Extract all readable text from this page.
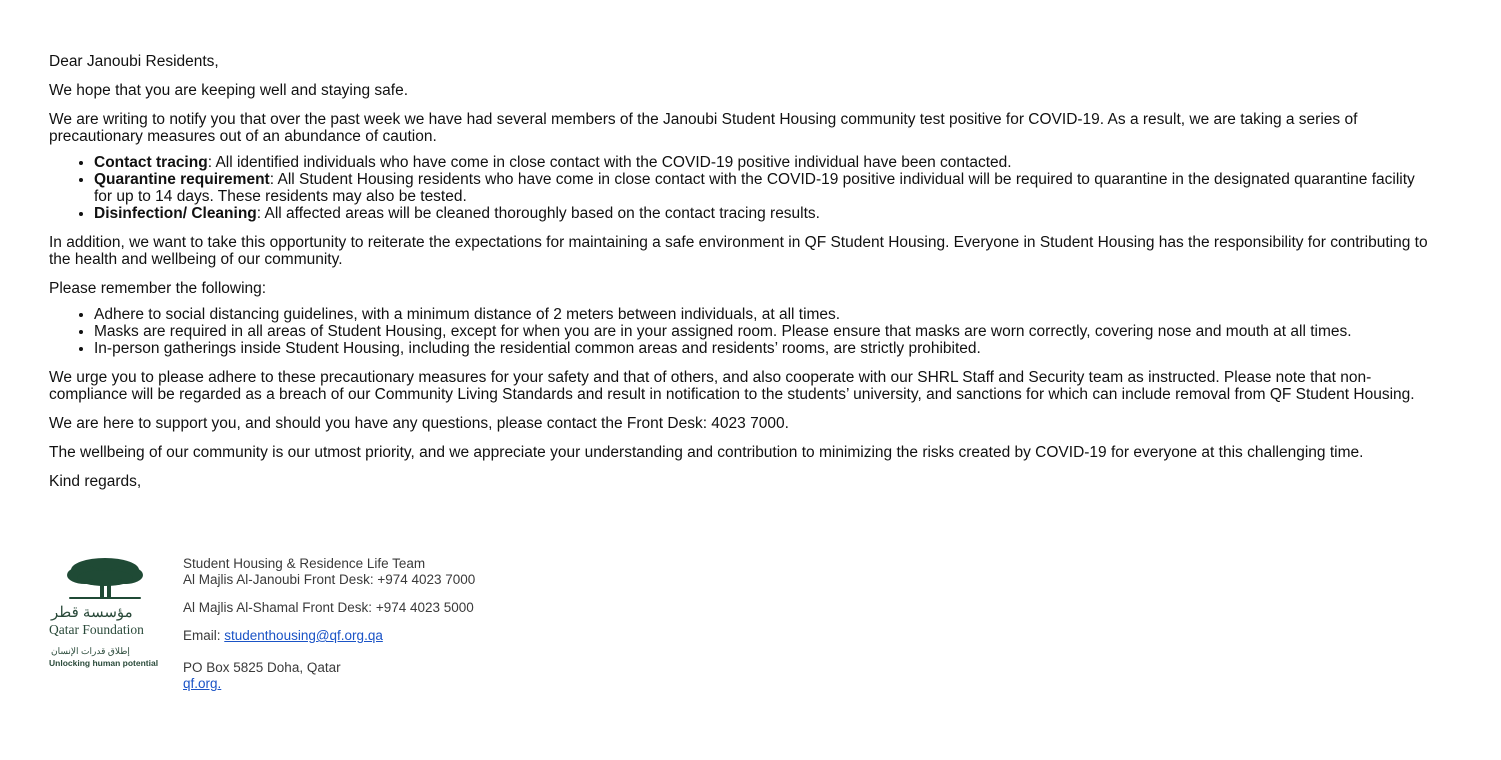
Dear Janoubi Residents,

We hope that you are keeping well and staying safe.

We are writing to notify you that over the past week we have had several members of the Janoubi Student Housing community test positive for COVID-19. As a result, we are taking a series of precautionary measures out of an abundance of caution.

• Contact tracing: All identified individuals who have come in close contact with the COVID-19 positive individual have been contacted.
• Quarantine requirement: All Student Housing residents who have come in close contact with the COVID-19 positive individual will be required to quarantine in the designated quarantine facility for up to 14 days. These residents may also be tested.
• Disinfection/ Cleaning: All affected areas will be cleaned thoroughly based on the contact tracing results.

In addition, we want to take this opportunity to reiterate the expectations for maintaining a safe environment in QF Student Housing. Everyone in Student Housing has the responsibility for contributing to the health and wellbeing of our community.

Please remember the following:

• Adhere to social distancing guidelines, with a minimum distance of 2 meters between individuals, at all times.
• Masks are required in all areas of Student Housing, except for when you are in your assigned room. Please ensure that masks are worn correctly, covering nose and mouth at all times.
• In-person gatherings inside Student Housing, including the residential common areas and residents’ rooms, are strictly prohibited.

We urge you to please adhere to these precautionary measures for your safety and that of others, and also cooperate with our SHRL Staff and Security team as instructed. Please note that non-compliance will be regarded as a breach of our Community Living Standards and result in notification to the students’ university, and sanctions for which can include removal from QF Student Housing.

We are here to support you, and should you have any questions, please contact the Front Desk: 4023 7000.

The wellbeing of our community is our utmost priority, and we appreciate your understanding and contribution to minimizing the risks created by COVID-19 for everyone at this challenging time.

Kind regards,

مؤسسة قطر
Qatar Foundation
إطلاق قدرات الإنسان
Unlocking human potential
Student Housing & Residence Life Team
Al Majlis Al-Janoubi Front Desk: +974 4023 7000
Al Majlis Al-Shamal Front Desk: +974 4023 5000
Email: studenthousing@qf.org.qa
PO Box 5825 Doha, Qatar
qf.org.
